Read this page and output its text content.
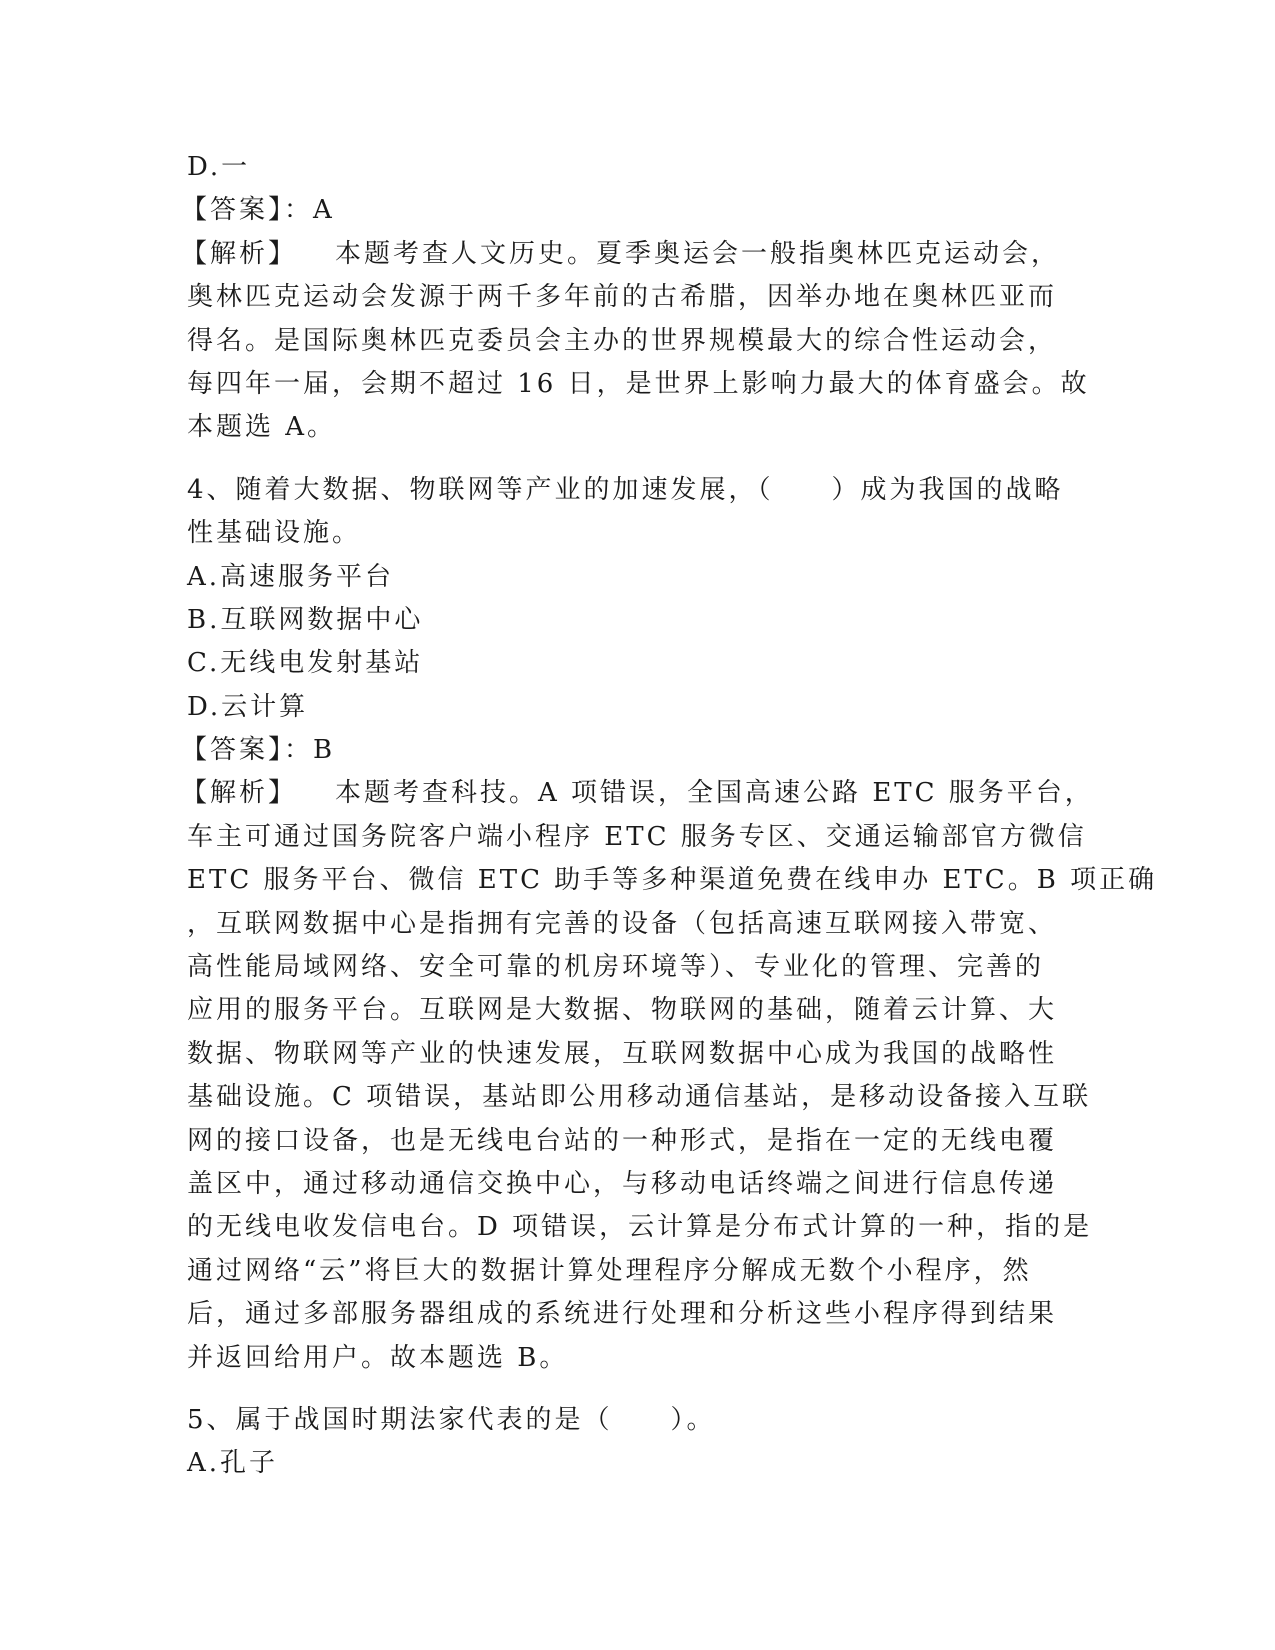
D.一
【答案】：A
【解析】 本题考查人文历史。夏季奥运会一般指奥林匹克运动会，
奥林匹克运动会发源于两千多年前的古希腊，因举办地在奥林匹亚而
得名。是国际奥林匹克委员会主办的世界规模最大的综合性运动会，
每四年一届，会期不超过 16 日，是世界上影响力最大的体育盛会。故
本题选 A。
4、随着大数据、物联网等产业的加速发展，（　　）成为我国的战略
性基础设施。
A.高速服务平台
B.互联网数据中心
C.无线电发射基站
D.云计算
【答案】：B
【解析】 本题考查科技。A 项错误，全国高速公路 ETC 服务平台，
车主可通过国务院客户端小程序 ETC 服务专区、交通运输部官方微信
ETC 服务平台、微信 ETC 助手等多种渠道免费在线申办 ETC。B 项正确
，互联网数据中心是指拥有完善的设备（包括高速互联网接入带宽、
高性能局域网络、安全可靠的机房环境等）、专业化的管理、完善的
应用的服务平台。互联网是大数据、物联网的基础，随着云计算、大
数据、物联网等产业的快速发展，互联网数据中心成为我国的战略性
基础设施。C 项错误，基站即公用移动通信基站，是移动设备接入互联
网的接口设备，也是无线电台站的一种形式，是指在一定的无线电覆
盖区中，通过移动通信交换中心，与移动电话终端之间进行信息传递
的无线电收发信电台。D 项错误，云计算是分布式计算的一种，指的是
通过网络“云”将巨大的数据计算处理程序分解成无数个小程序，然
后，通过多部服务器组成的系统进行处理和分析这些小程序得到结果
并返回给用户。故本题选 B。
5、属于战国时期法家代表的是（　　）。
A.孔子
